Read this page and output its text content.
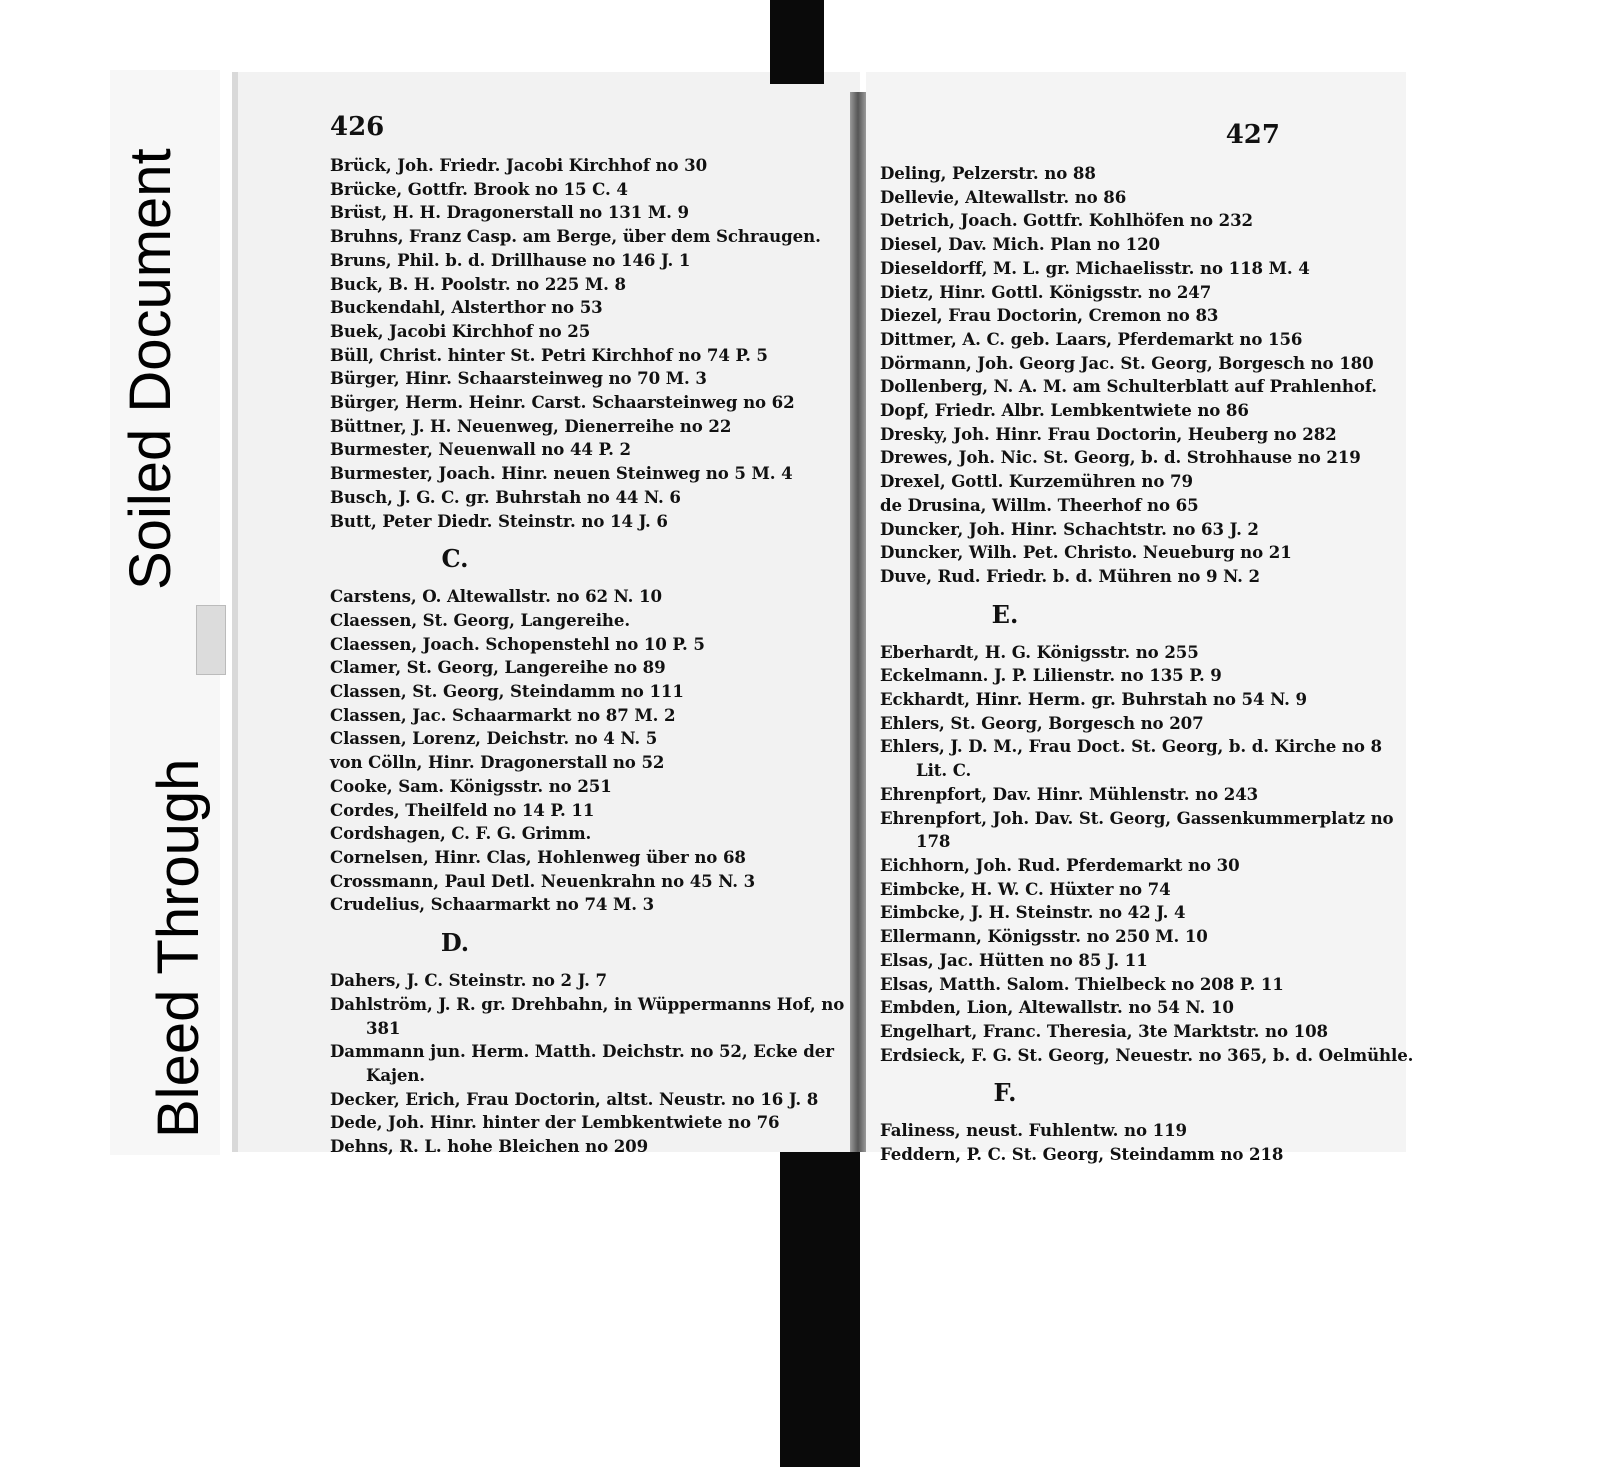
Soiled Document
Bleed Through
426
Brück, Joh. Friedr. Jacobi Kirchhof no 30
Brücke, Gottfr. Brook no 15 C. 4
Brüst, H. H. Dragonerstall no 131 M. 9
Bruhns, Franz Casp. am Berge, über dem Schraugen.
Bruns, Phil. b. d. Drillhause no 146 J. 1
Buck, B. H. Poolstr. no 225 M. 8
Buckendahl, Alsterthor no 53
Buek, Jacobi Kirchhof no 25
Büll, Christ. hinter St. Petri Kirchhof no 74 P. 5
Bürger, Hinr. Schaarsteinweg no 70 M. 3
Bürger, Herm. Heinr. Carst. Schaarsteinweg no 62
Büttner, J. H. Neuenweg, Dienerreihe no 22
Burmester, Neuenwall no 44 P. 2
Burmester, Joach. Hinr. neuen Steinweg no 5 M. 4
Busch, J. G. C. gr. Buhrstah no 44 N. 6
Butt, Peter Diedr. Steinstr. no 14 J. 6
C.
Carstens, O. Altewallstr. no 62 N. 10
Claessen, St. Georg, Langereihe.
Claessen, Joach. Schopenstehl no 10 P. 5
Clamer, St. Georg, Langereihe no 89
Classen, St. Georg, Steindamm no 111
Classen, Jac. Schaarmarkt no 87 M. 2
Classen, Lorenz, Deichstr. no 4 N. 5
von Cölln, Hinr. Dragonerstall no 52
Cooke, Sam. Königsstr. no 251
Cordes, Theilfeld no 14 P. 11
Cordshagen, C. F. G. Grimm.
Cornelsen, Hinr. Clas, Hohlenweg über no 68
Crossmann, Paul Detl. Neuenkrahn no 45 N. 3
Crudelius, Schaarmarkt no 74 M. 3
D.
Dahers, J. C. Steinstr. no 2 J. 7
Dahlström, J. R. gr. Drehbahn, in Wüppermanns Hof, no 381
Dammann jun. Herm. Matth. Deichstr. no 52, Ecke der Kajen.
Decker, Erich, Frau Doctorin, altst. Neustr. no 16 J. 8
Dede, Joh. Hinr. hinter der Lembkentwiete no 76
Dehns, R. L. hohe Bleichen no 209
427
Deling, Pelzerstr. no 88
Dellevie, Altewallstr. no 86
Detrich, Joach. Gottfr. Kohlhöfen no 232
Diesel, Dav. Mich. Plan no 120
Dieseldorff, M. L. gr. Michaelisstr. no 118 M. 4
Dietz, Hinr. Gottl. Königsstr. no 247
Diezel, Frau Doctorin, Cremon no 83
Dittmer, A. C. geb. Laars, Pferdemarkt no 156
Dörmann, Joh. Georg Jac. St. Georg, Borgesch no 180
Dollenberg, N. A. M. am Schulterblatt auf Prahlenhof.
Dopf, Friedr. Albr. Lembkentwiete no 86
Dresky, Joh. Hinr. Frau Doctorin, Heuberg no 282
Drewes, Joh. Nic. St. Georg, b. d. Strohhause no 219
Drexel, Gottl. Kurzemühren no 79
de Drusina, Willm. Theerhof no 65
Duncker, Joh. Hinr. Schachtstr. no 63 J. 2
Duncker, Wilh. Pet. Christo. Neueburg no 21
Duve, Rud. Friedr. b. d. Mühren no 9 N. 2
E.
Eberhardt, H. G. Königsstr. no 255
Eckelmann. J. P. Lilienstr. no 135 P. 9
Eckhardt, Hinr. Herm. gr. Buhrstah no 54 N. 9
Ehlers, St. Georg, Borgesch no 207
Ehlers, J. D. M., Frau Doct. St. Georg, b. d. Kirche no 8 Lit. C.
Ehrenpfort, Dav. Hinr. Mühlenstr. no 243
Ehrenpfort, Joh. Dav. St. Georg, Gassenkummerplatz no 178
Eichhorn, Joh. Rud. Pferdemarkt no 30
Eimbcke, H. W. C. Hüxter no 74
Eimbcke, J. H. Steinstr. no 42 J. 4
Ellermann, Königsstr. no 250 M. 10
Elsas, Jac. Hütten no 85 J. 11
Elsas, Matth. Salom. Thielbeck no 208 P. 11
Embden, Lion, Altewallstr. no 54 N. 10
Engelhart, Franc. Theresia, 3te Marktstr. no 108
Erdsieck, F. G. St. Georg, Neuestr. no 365, b. d. Oelmühle.
F.
Faliness, neust. Fuhlentw. no 119
Feddern, P. C. St. Georg, Steindamm no 218
